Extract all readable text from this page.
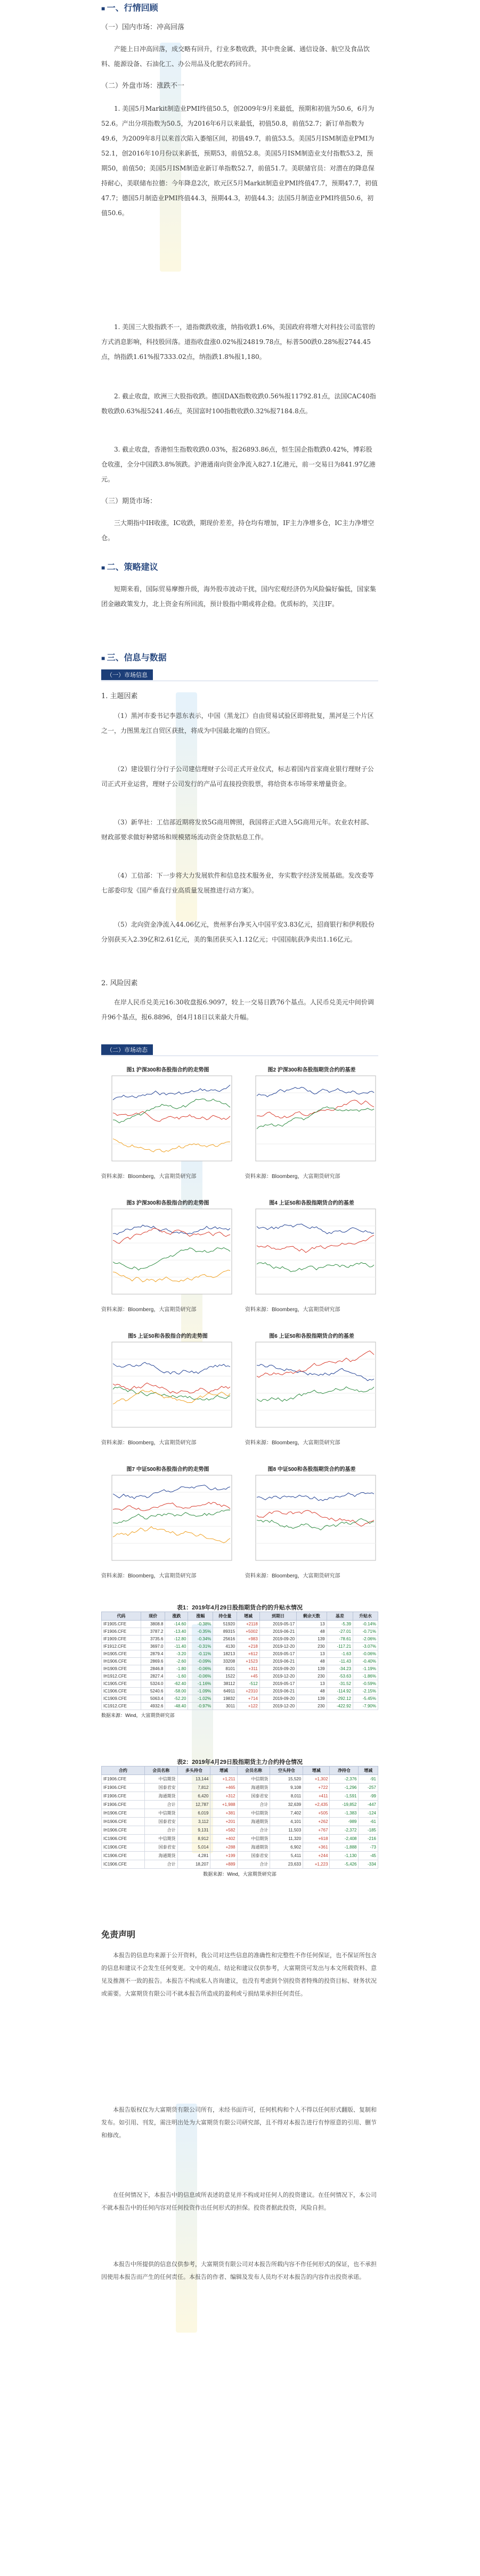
■ 一、行情回顾

（一）国内市场：冲高回落

产能上日冲高回落，成交略有回升，行业多数收跌，其中贵金属、通信设备、航空及食品饮料、能源设备、石油化工、办公用品及化肥农药回升。

（二）外盘市场：涨跌不一

1. 美国5月Markit制造业PMI终值50.5，创2009年9月来最低，预期和初值为50.6，6月为52.6。产出分项指数为50.5，为2016年6月以来最低，初值50.8，前值52.7；新订单指数为49.6，为2009年8月以来首次陷入萎缩区间，初值49.7，前值53.5。美国5月ISM制造业PMI为52.1，创2016年10月份以来新低，预期53，前值52.8。美国5月ISM制造业支付指数53.2，预期50，前值50；美国5月ISM制造业新订单指数52.7，前值51.7。美联储官员：对潜在的降息保持耐心，美联储布拉德：今年降息2次，欧元区5月Markit制造业PMI终值47.7，预期47.7，初值47.7；德国5月制造业PMI终值44.3，预期44.3，初值44.3；法国5月制造业PMI终值50.6，初值50.6。

1. 美国三大股指跌不一，道指微跌收涨，纳指收跌1.6%，美国政府将增大对科技公司监管的方式消息影响，科技股回落。道指收盘涨0.02%报24819.78点，标普500跌0.28%报2744.45点，纳指跌1.61%报7333.02点，纳指跌1.8%报1,180。

2. 截止收盘，欧洲三大股指收跌。德国DAX指数收跌0.56%报11792.81点，法国CAC40指数收跌0.63%报5241.46点，英国富时100指数收跌0.32%报7184.8点。

3. 截止收盘，香港恒生指数收跌0.03%，报26893.86点，恒生国企指数跌0.42%，博彩股仓收涨，全分中国跌3.8%领跌。沪港通南向资金净流入827.1亿港元，前一交易日为841.97亿港元。

（三）期货市场：

三大期指中IH收涨，IC收跌，期现价差差，持仓均有增加，IF主力净增多仓，IC主力净增空仓。

■ 二、策略建议

短期来看，国际贸易摩擦升级，海外股市波动干扰，国内宏观经济仍为风险偏好偏低，国家集团金融政策发力，北上资金有所回流，预计股指中期或将企稳。优质标的，关注IF。

■ 三、信息与数据

（一）市场信息

1. 主题因素

（1）黑河市委书记李恩东表示，中国（黑龙江）自由贸易试验区即将批复，黑河是三个片区之一，力图黑龙江自贸区获批，将成为中国最北端的自贸区。

（2）建设银行分行子公司建信理财子公司正式开业仪式，标志着国内首家商业银行理财子公司正式开业运营，理财子公司发行的产品可直接投资股票，将给资本市场带来增量资金。

（3）新华社：工信部近期将发放5G商用牌照，我国将正式进入5G商用元年。农业农村部、财政部要求做好种猪场和规模猪场流动资金贷款贴息工作。

（4）工信部：下一步将大力发展软件和信息技术服务业，夯实数字经济发展基础。发改委等七部委印发《国产垂直行业高质量发展推进行动方案》。

（5）北向资金净流入44.06亿元，贵州茅台净买入中国平安3.83亿元，招商银行和伊利股份分别获买入2.39亿和2.61亿元，美的集团获买入1.12亿元；中国国航获净卖出1.16亿元。

2. 风险因素

在岸人民币兑美元16:30收盘报6.9097，较上一交易日跌76个基点。人民币兑美元中间价调升96个基点，报6.8896，创4月18日以来最大升幅。

（二）市场动态
图1 沪深300和各股指合约的走势图
资料来源：Bloomberg，大富期货研究部
图2 沪深300和各股指期货合约的基差
资料来源：Bloomberg，大富期货研究部
图3 沪深300和各股指合约的走势图
资料来源：Bloomberg，大富期货研究部
图4 上证50和各股指期货合约的基差
资料来源：Bloomberg，大富期货研究部
图5 上证50和各股指合约的走势图
资料来源：Bloomberg，大富期货研究部
图6 上证50和各股指期货合约的基差
资料来源：Bloomberg，大富期货研究部
图7 中证500和各股指合约的走势图
资料来源：Bloomberg，大富期货研究部
图8 中证500和各股指期货合约的基差
资料来源：Bloomberg，大富期货研究部

表1：2019年4月29日股指期货合约的升贴水情况

代码	现价	涨跌	涨幅	持仓量	增减	到期日	剩余天数	基差	升贴水
IF1905.CFE	3808.8	-14.60	-0.38%	51920	+2118	2019-05-17	13	-5.39	-0.14%
IF1906.CFE	3787.2	-13.40	-0.35%	89315	+5002	2019-06-21	48	-27.01	-0.71%
IF1909.CFE	3735.6	-12.80	-0.34%	25616	+983	2019-09-20	139	-78.61	-2.06%
IF1912.CFE	3697.0	-11.40	-0.31%	4130	+218	2019-12-20	230	-117.21	-3.07%
IH1905.CFE	2879.4	-3.20	-0.11%	18213	+612	2019-05-17	13	-1.63	-0.06%
IH1906.CFE	2869.6	-2.60	-0.09%	33208	+1523	2019-06-21	48	-11.43	-0.40%
IH1909.CFE	2846.8	-1.80	-0.06%	8101	+311	2019-09-20	139	-34.23	-1.19%
IH1912.CFE	2827.4	-1.60	-0.06%	1522	+45	2019-12-20	230	-53.63	-1.86%
IC1905.CFE	5324.0	-62.40	-1.16%	38112	-512	2019-05-17	13	-31.52	-0.59%
IC1906.CFE	5240.6	-58.00	-1.09%	64911	+2310	2019-06-21	48	-114.92	-2.15%
IC1909.CFE	5063.4	-52.20	-1.02%	19832	+714	2019-09-20	139	-292.12	-5.45%
IC1912.CFE	4932.6	-48.40	-0.97%	3011	+122	2019-12-20	230	-422.92	-7.90%
数据来源：Wind，大富期货研究部

表2：2019年4月29日股指期货主力合约持仓情况

合约	会员名称	多头持仓	增减	会员名称	空头持仓	增减	净持仓	增减
IF1906.CFE	中信期货	13,144	+1,211	中信期货	15,520	+1,302	-2,376	-91
IF1906.CFE	国泰君安	7,812	+465	海通期货	9,108	+722	-1,296	-257
IF1906.CFE	海通期货	6,420	+312	国泰君安	8,011	+411	-1,591	-99
IF1906.CFE	合计	12,787	+1,988	合计	32,639	+2,435	-19,852	-447
IH1906.CFE	中信期货	6,019	+381	中信期货	7,402	+505	-1,383	-124
IH1906.CFE	国泰君安	3,112	+201	海通期货	4,101	+262	-989	-61
IH1906.CFE	合计	9,131	+582	合计	11,503	+767	-2,372	-185
IC1906.CFE	中信期货	8,912	+402	中信期货	11,320	+618	-2,408	-216
IC1906.CFE	国泰君安	5,014	+288	海通期货	6,902	+361	-1,888	-73
IC1906.CFE	海通期货	4,281	+199	国泰君安	5,411	+244	-1,130	-45
IC1906.CFE	合计	18,207	+889	合计	23,633	+1,223	-5,426	-334
数据来源：Wind，大富期货研究部

免责声明

本报告的信息均来源于公开资料，我公司对这些信息的准确性和完整性不作任何保证，也不保证所包含的信息和建议不会发生任何变更。文中的观点、结论和建议仅供参考，大富期货可发出与本文所载资料、意见及推测不一致的报告。本报告不构成私人咨询建议，也没有考虑到个别投资者特殊的投资目标、财务状况或需要。大富期货有限公司不就本报告所造成的盈利或亏损结果承担任何责任。

本报告版权仅为大富期货有限公司所有，未经书面许可，任何机构和个人不得以任何形式翻版、复制和发布。如引用、刊发，需注明出处为大富期货有限公司研究部，且不得对本报告进行有悖原意的引用、删节和修改。

在任何情况下，本报告中的信息或所表述的意见并不构成对任何人的投资建议。在任何情况下，本公司不就本报告中的任何内容对任何投资作出任何形式的担保。投资者据此投资，风险自担。

本报告中所提供的信息仅供参考，大富期货有限公司对本报告所载内容不作任何形式的保证，也不承担因使用本报告而产生的任何责任。本报告的作者、编辑及发布人员均不对本报告的内容作出投资承诺。
